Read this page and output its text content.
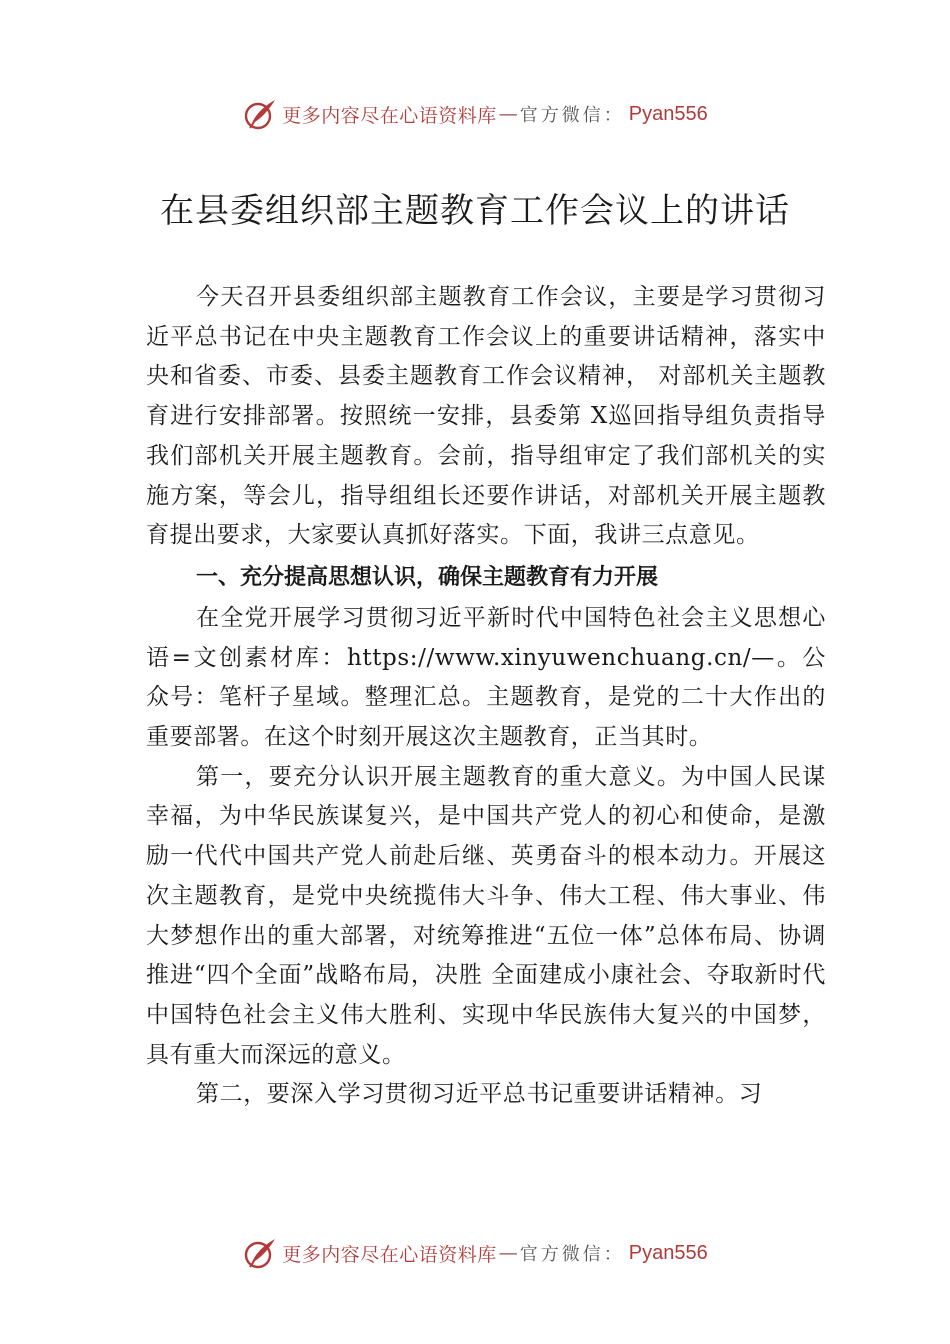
更多内容尽在心语资料库 — 官方微信： Pyan556
在县委组织部主题教育工作会议上的讲话

今天召开县委组织部主题教育工作会议，主要是学习贯彻习近平总书记在中央主题教育工作会议上的重要讲话精神，落实中央和省委、市委、县委主题教育工作会议精神， 对部机关主题教育进行安排部署。按照统一安排，县委第 X巡回指导组负责指导我们部机关开展主题教育。会前，指导组审定了我们部机关的实施方案，等会儿，指导组组长还要作讲话，对部机关开展主题教育提出要求，大家要认真抓好落实。下面，我讲三点意见。

一、充分提高思想认识，确保主题教育有力开展

在全党开展学习贯彻习近平新时代中国特色社会主义思想心语=文创素材库：https://www.xinyuwenchuang.cn/—。公众号：笔杆子星域。整理汇总。主题教育，是党的二十大作出的重要部署。在这个时刻开展这次主题教育，正当其时。

第一，要充分认识开展主题教育的重大意义。为中国人民谋幸福，为中华民族谋复兴，是中国共产党人的初心和使命，是激励一代代中国共产党人前赴后继、英勇奋斗的根本动力。开展这次主题教育，是党中央统揽伟大斗争、伟大工程、伟大事业、伟大梦想作出的重大部署，对统筹推进“五位一体”总体布局、协调推进“四个全面”战略布局，决胜 全面建成小康社会、夺取新时代中国特色社会主义伟大胜利、实现中华民族伟大复兴的中国梦，具有重大而深远的意义。

第二，要深入学习贯彻习近平总书记重要讲话精神。习

更多内容尽在心语资料库 — 官方微信： Pyan556
